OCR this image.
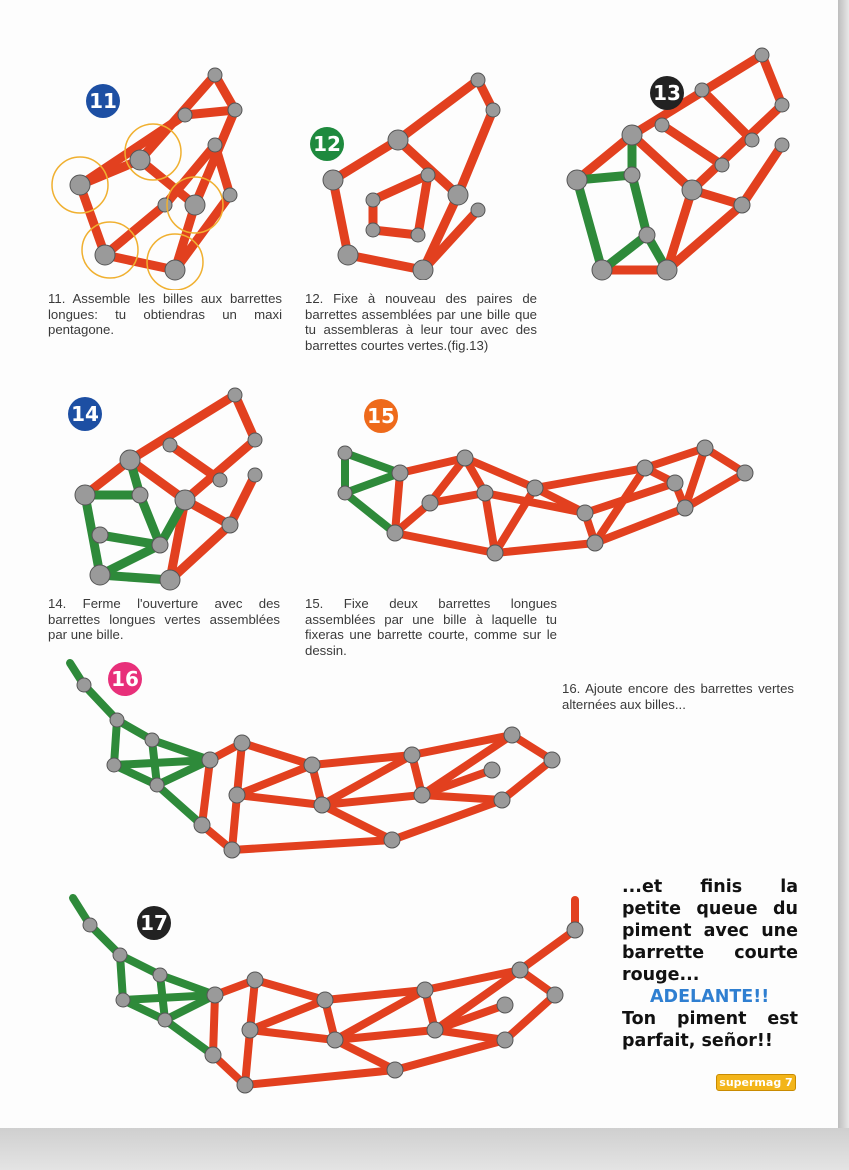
11
11. Assemble les billes aux barrettes longues: tu obtiendras un maxi pentagone.
12
12. Fixe à nouveau des paires de barrettes assemblées par une bille que tu assembleras à leur tour avec des barrettes courtes vertes.(fig.13)
13
14
14. Ferme l'ouverture avec des barrettes longues vertes assemblées par une bille.
15
15. Fixe deux barrettes longues assemblées par une bille à laquelle tu fixeras une barrette courte, comme sur le dessin.
16	16. Ajoute encore des barrettes vertes alternées aux billes...
17
...et finis la petite queue du piment avec une barrette courte rouge...
ADELANTE!!
Ton piment est parfait, señor!!
supermag 7
